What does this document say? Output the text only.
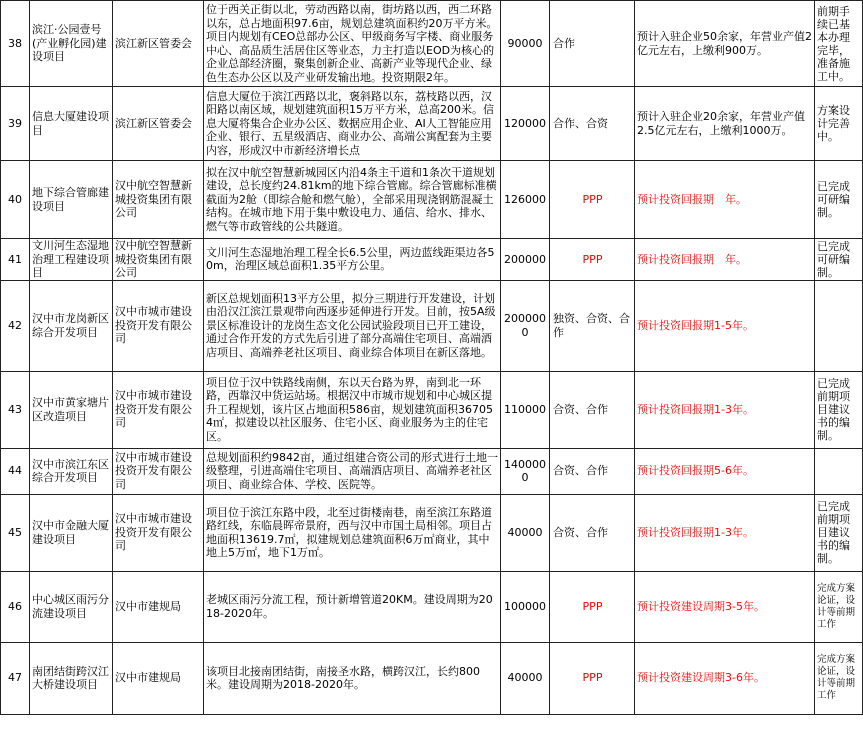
38	滨江·公园壹号(产业孵化园)建设项目	滨江新区管委会	位于西关正街以北，劳动西路以南，街坊路以西，西二环路以东，总占地面积97.6亩，规划总建筑面积约20万平方米。项目内规划有CEO总部办公区、甲级商务写字楼、商业服务中心、高品质生活居住区等业态，力主打造以EOD为核心的企业总部经济圈，聚集创新企业、高新产业等现代企业、绿色生态办公区以及产业研发输出地。投资期限2年。	90000	合作	预计入驻企业50余家，年营业产值2亿元左右，上缴利900万。	前期手续已基本办理完毕，准备施工中。
39	信息大厦建设项目	滨江新区管委会	信息大厦位于滨江西路以北，褒斜路以东，荔枝路以西，汉阳路以南区域，规划建筑面积15万平方米，总高200米。信息大厦将集合企业办公区、数据应用企业、AI人工智能应用企业、银行、五星级酒店、商业办公、高端公寓配套为主要内容，形成汉中市新经济增长点	120000	合作、合资	预计入驻企业20余家，年营业产值2.5亿元左右，上缴利1000万。	方案设计完善中。
40	地下综合管廊建设项目	汉中航空智慧新城投资集团有限公司	拟在汉中航空智慧新城园区内沿4条主干道和1条次干道规划建设，总长度约24.81km的地下综合管廊。综合管廊标准横截面为2舱（即综合舱和燃气舱），全部采用现浇钢筋混凝土结构。在城市地下用于集中敷设电力、通信、给水、排水、燃气等市政管线的公共隧道。	126000	PPP	预计投资回报期　年。	已完成可研编制。
41	文川河生态湿地治理工程建设项目	汉中航空智慧新城投资集团有限公司	文川河生态湿地治理工程全长6.5公里，两边蓝线距渠边各50m，治理区域总面积1.35平方公里。	200000	PPP	预计投资回报期　年。	已完成可研编制。
42	汉中市龙岗新区综合开发项目	汉中市城市建设投资开发有限公司	新区总规划面积13平方公里，拟分三期进行开发建设，计划由沿汉江滨江景观带向西逐步延伸进行开发。目前，按5A级景区标准设计的龙岗生态文化公园试验段项目已开工建设，通过合作开发的方式先后引进了部分高端住宅项目、高端酒店项目、高端养老社区项目、商业综合体项目在新区落地。	2000000	独资、合资、合作	预计投资回报期1-5年。	
43	汉中市黄家塘片区改造项目	汉中市城市建设投资开发有限公司	项目位于汉中铁路线南侧，东以天台路为界，南到北一环路，西靠汉中货运站场。根据汉中市城市规划和中心城区提升工程规划，该片区占地面积586亩，规划建筑面积367054㎡，拟建设以社区服务、住宅小区、商业服务为主的住宅区。	110000	合资、合作	预计投资回报期1-3年。	已完成前期项目建议书的编制。
44	汉中市滨江东区综合开发项目	汉中市城市建设投资开发有限公司	总规划面积约9842亩，通过组建合资公司的形式进行土地一级整理，引进高端住宅项目、高端酒店项目、高端养老社区项目、商业综合体、学校、医院等。	1400000	合资、合作	预计投资回报期5-6年。	
45	汉中市金融大厦建设项目	汉中市城市建设投资开发有限公司	项目位于滨江东路中段，北至过街楼南巷，南至滨江东路道路红线，东临晨晖帝景府，西与汉中市国土局相邻。项目占地面积13619.7㎡，拟建规划总建筑面积6万㎡商业，其中地上5万㎡，地下1万㎡。	40000	合资、合作	预计投资回报期1-3年。	已完成前期项目建议书的编制。
46	中心城区雨污分流建设项目	汉中市建规局	老城区雨污分流工程，预计新增管道20KM。建设周期为2018-2020年。	100000	PPP	预计投资建设周期3-5年。	完成方案论证，设计等前期工作
47	南团结街跨汉江大桥建设项目	汉中市建规局	该项目北接南团结街，南接圣水路，横跨汉江，长约800米。建设周期为2018-2020年。	40000	PPP	预计投资建设周期3-6年。	完成方案论证，设计等前期工作
